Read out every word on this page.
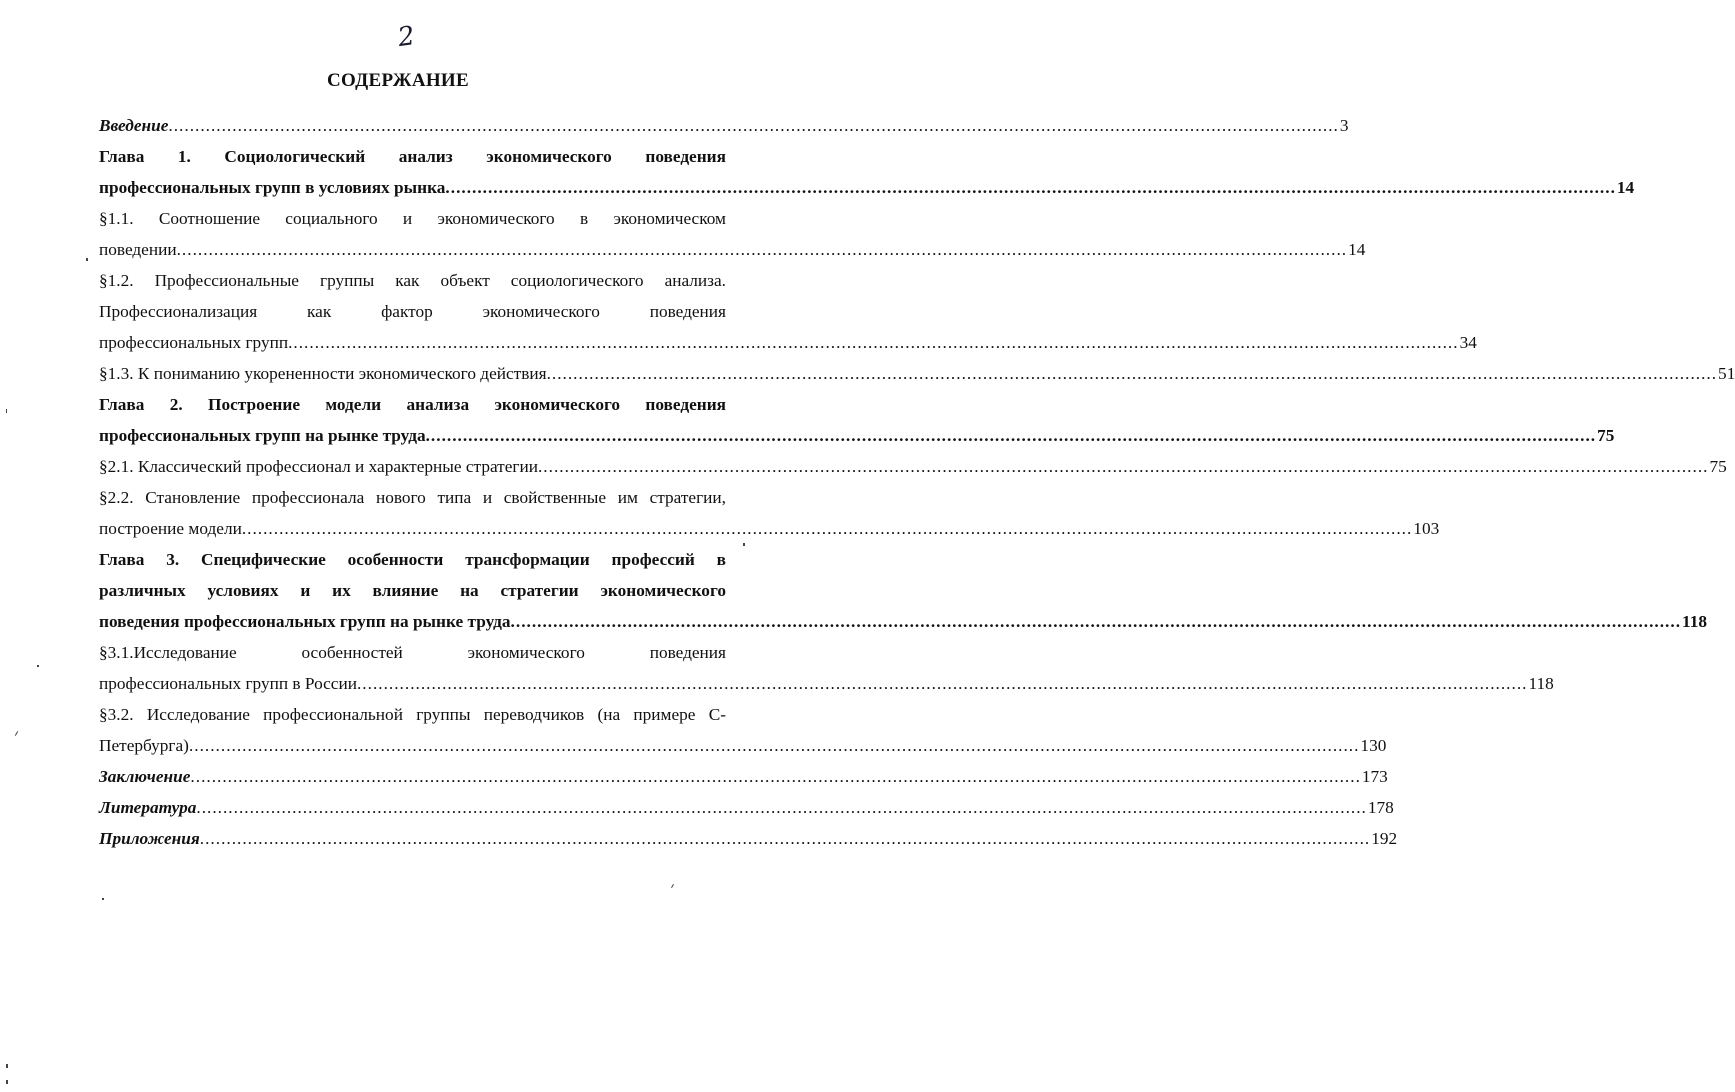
2
СОДЕРЖАНИЕ
Введение ............................................................................................................................................................................................................................ 3
Глава 1. Социологический анализ экономического поведения
профессиональных групп в условиях рынка ............................................................................................................................................................................................................................ 14
§1.1. Соотношение социального и экономического в экономическом
поведении ............................................................................................................................................................................................................................ 14
§1.2. Профессиональные группы как объект социологического анализа.
Профессионализация как фактор экономического поведения
профессиональных групп ............................................................................................................................................................................................................................ 34
§1.3. К пониманию укорененности экономического действия ............................................................................................................................................................................................................................ 51
Глава 2. Построение модели анализа экономического поведения
профессиональных групп на рынке труда ............................................................................................................................................................................................................................ 75
§2.1. Классический профессионал и характерные стратегии ............................................................................................................................................................................................................................ 75
§2.2. Становление профессионала нового типа и свойственные им стратегии,
построение модели ............................................................................................................................................................................................................................ 103
Глава 3. Специфические особенности трансформации профессий в
различных условиях и их влияние на стратегии экономического
поведения профессиональных групп на рынке труда ............................................................................................................................................................................................................................ 118
§3.1.Исследование особенностей экономического поведения
профессиональных групп в России ............................................................................................................................................................................................................................ 118
§3.2. Исследование профессиональной группы переводчиков (на примере С-
Петербурга) ............................................................................................................................................................................................................................ 130
Заключение ............................................................................................................................................................................................................................ 173
Литература ............................................................................................................................................................................................................................ 178
Приложения ............................................................................................................................................................................................................................ 192
